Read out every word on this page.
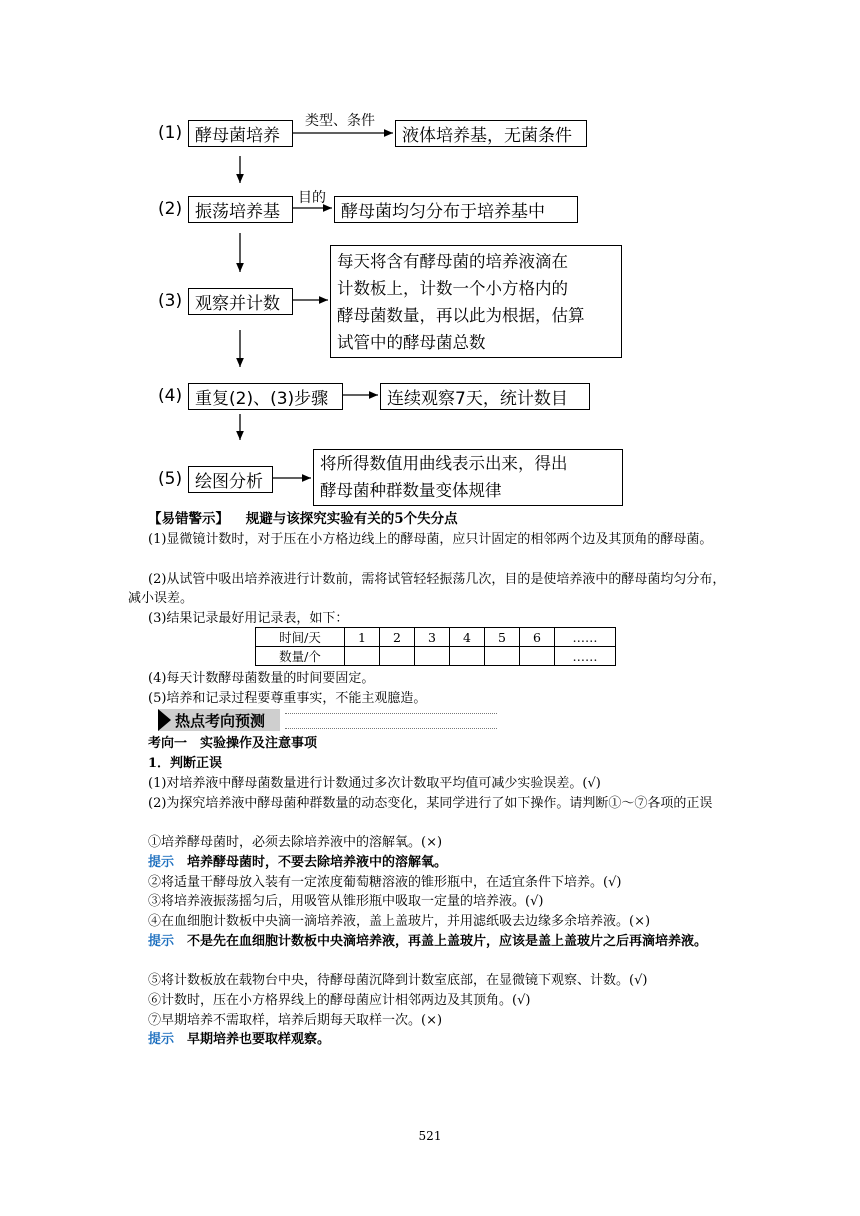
(1) 酵母菌培养
类型、条件
液体培养基，无菌条件
(2) 振荡培养基
目的
酵母菌均匀分布于培养基中
(3) 观察并计数
每天将含有酵母菌的培养液滴在
计数板上，计数一个小方格内的
酵母菌数量，再以此为根据，估算
试管中的酵母菌总数
(4) 重复(2)、(3)步骤	连续观察7天，统计数目
(5) 绘图分析
将所得数值用曲线表示出来，得出
酵母菌种群数量变体规律
【易错警示】 规避与该探究实验有关的5个失分点
(1)显微镜计数时，对于压在小方格边线上的酵母菌，应只计固定的相邻两个边及其顶角的酵母菌。
(2)从试管中吸出培养液进行计数前，需将试管轻轻振荡几次，目的是使培养液中的酵母菌均匀分布，减小误差。
(3)结果记录最好用记录表，如下：
时间/天	1	2	3	4	5	6	……
数量/个							……
(4)每天计数酵母菌数量的时间要固定。
(5)培养和记录过程要尊重事实，不能主观臆造。
热点考向预测
考向一　实验操作及注意事项
1．判断正误
(1)对培养液中酵母菌数量进行计数通过多次计数取平均值可减少实验误差。(√)
(2)为探究培养液中酵母菌种群数量的动态变化，某同学进行了如下操作。请判断①～⑦各项的正误
①培养酵母菌时，必须去除培养液中的溶解氧。(×)
提示　 培养酵母菌时，不要去除培养液中的溶解氧。
②将适量干酵母放入装有一定浓度葡萄糖溶液的锥形瓶中，在适宜条件下培养。(√)
③将培养液振荡摇匀后，用吸管从锥形瓶中吸取一定量的培养液。(√)
④在血细胞计数板中央滴一滴培养液，盖上盖玻片，并用滤纸吸去边缘多余培养液。(×)
提示　 不是先在血细胞计数板中央滴培养液，再盖上盖玻片，应该是盖上盖玻片之后再滴培养液。
⑤将计数板放在载物台中央，待酵母菌沉降到计数室底部，在显微镜下观察、计数。(√)
⑥计数时，压在小方格界线上的酵母菌应计相邻两边及其顶角。(√)
⑦早期培养不需取样，培养后期每天取样一次。(×)
提示　 早期培养也要取样观察。
521
